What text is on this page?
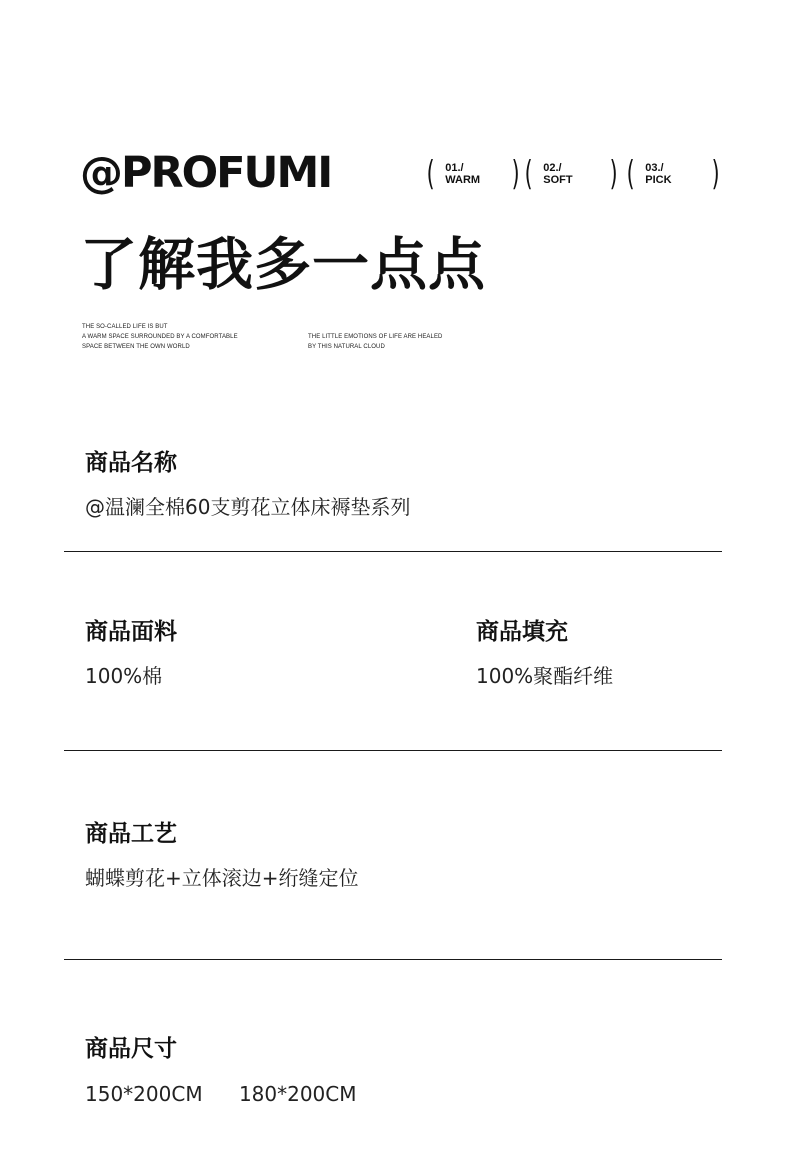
@PROFUMI	( 01./
WARM ) ( 02./
SOFT	) ( 03./
PICK	)
了解我多一点点
THE SO-CALLED LIFE IS BUT
A WARM SPACE SURROUNDED BY A COMFORTABLE
SPACE BETWEEN THE OWN WORLD
THE LITTLE EMOTIONS OF LIFE ARE HEALED
BY THIS NATURAL CLOUD
商品名称
@温澜全棉60支剪花立体床褥垫系列
商品面料
100%棉
商品填充
100%聚酯纤维
商品工艺
蝴蝶剪花+立体滚边+绗缝定位
商品尺寸
150*200CM 180*200CM
